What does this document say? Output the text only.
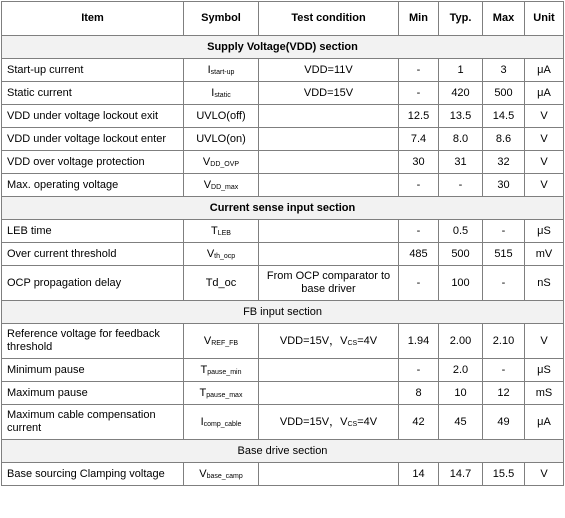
Item	Symbol	Test condition	Min	Typ.	Max	Unit
Supply Voltage(VDD) section						
Start-up current	$I_{start-up}$	VDD=11V	-	1	3	μA
Static current	$I_{static}$	VDD=15V	-	420	500	μA
VDD under voltage lockout exit	UVLO(off)		12.5	13.5	14.5	V
VDD under voltage lockout enter	UVLO(on)		7.4	8.0	8.6	V
VDD over voltage protection	$V_{DD\_OVP}$		30	31	32	V
Max. operating voltage	$V_{DD\_max}$		-	-	30	V
Current sense input section						
LEB time	$T_{LEB}$		-	0.5	-	μS
Over current threshold	$V_{th\_ocp}$		485	500	515	mV
OCP propagation delay	Td_oc	From OCP comparator to base driver	-	100	-	nS
FB input section						
Reference voltage for feedback threshold	$V_{REF\_FB}$	VDD=15V，$V_{CS}=4V$	1.94	2.00	2.10	V
Minimum pause	$T_{pause\_min}$		-	2.0	-	μS
Maximum pause	$T_{pause\_max}$		8	10	12	mS
Maximum cable compensation current	$I_{comp\_cable}$	VDD=15V，$V_{CS}=4V$	42	45	49	μA
Base drive section						
Base sourcing Clamping voltage	$V_{base\_camp}$		14	14.7	15.5	V
